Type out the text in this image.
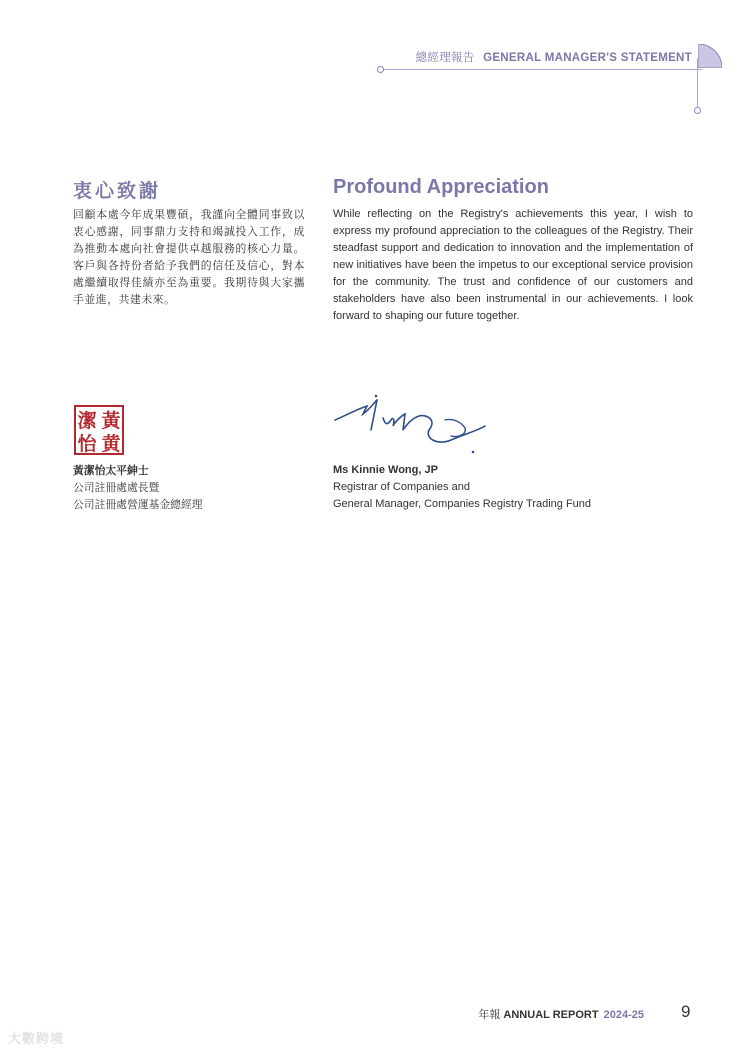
總經理報告 GENERAL MANAGER'S STATEMENT
衷心致謝
回顧本處今年成果豐碩，我謹向全體同事致以衷心感謝，同事鼎力支持和竭誠投入工作，成為推動本處向社會提供卓越服務的核心力量。客戶與各持份者給予我們的信任及信心，對本處繼續取得佳績亦至為重要。我期待與大家攜手並進，共建未來。
Profound Appreciation
While reflecting on the Registry's achievements this year, I wish to express my profound appreciation to the colleagues of the Registry. Their steadfast support and dedication to innovation and the implementation of new initiatives have been the impetus to our exceptional service provision for the community. The trust and confidence of our customers and stakeholders have also been instrumental in our achievements. I look forward to shaping our future together.
潔 黃
怡 黄
黃潔怡太平紳士
公司註冊處處長暨
公司註冊處營運基金總經理
Ms Kinnie Wong, JP
Registrar of Companies and
General Manager, Companies Registry Trading Fund
年報 ANNUAL REPORT 2024-25 9
大數跨境
